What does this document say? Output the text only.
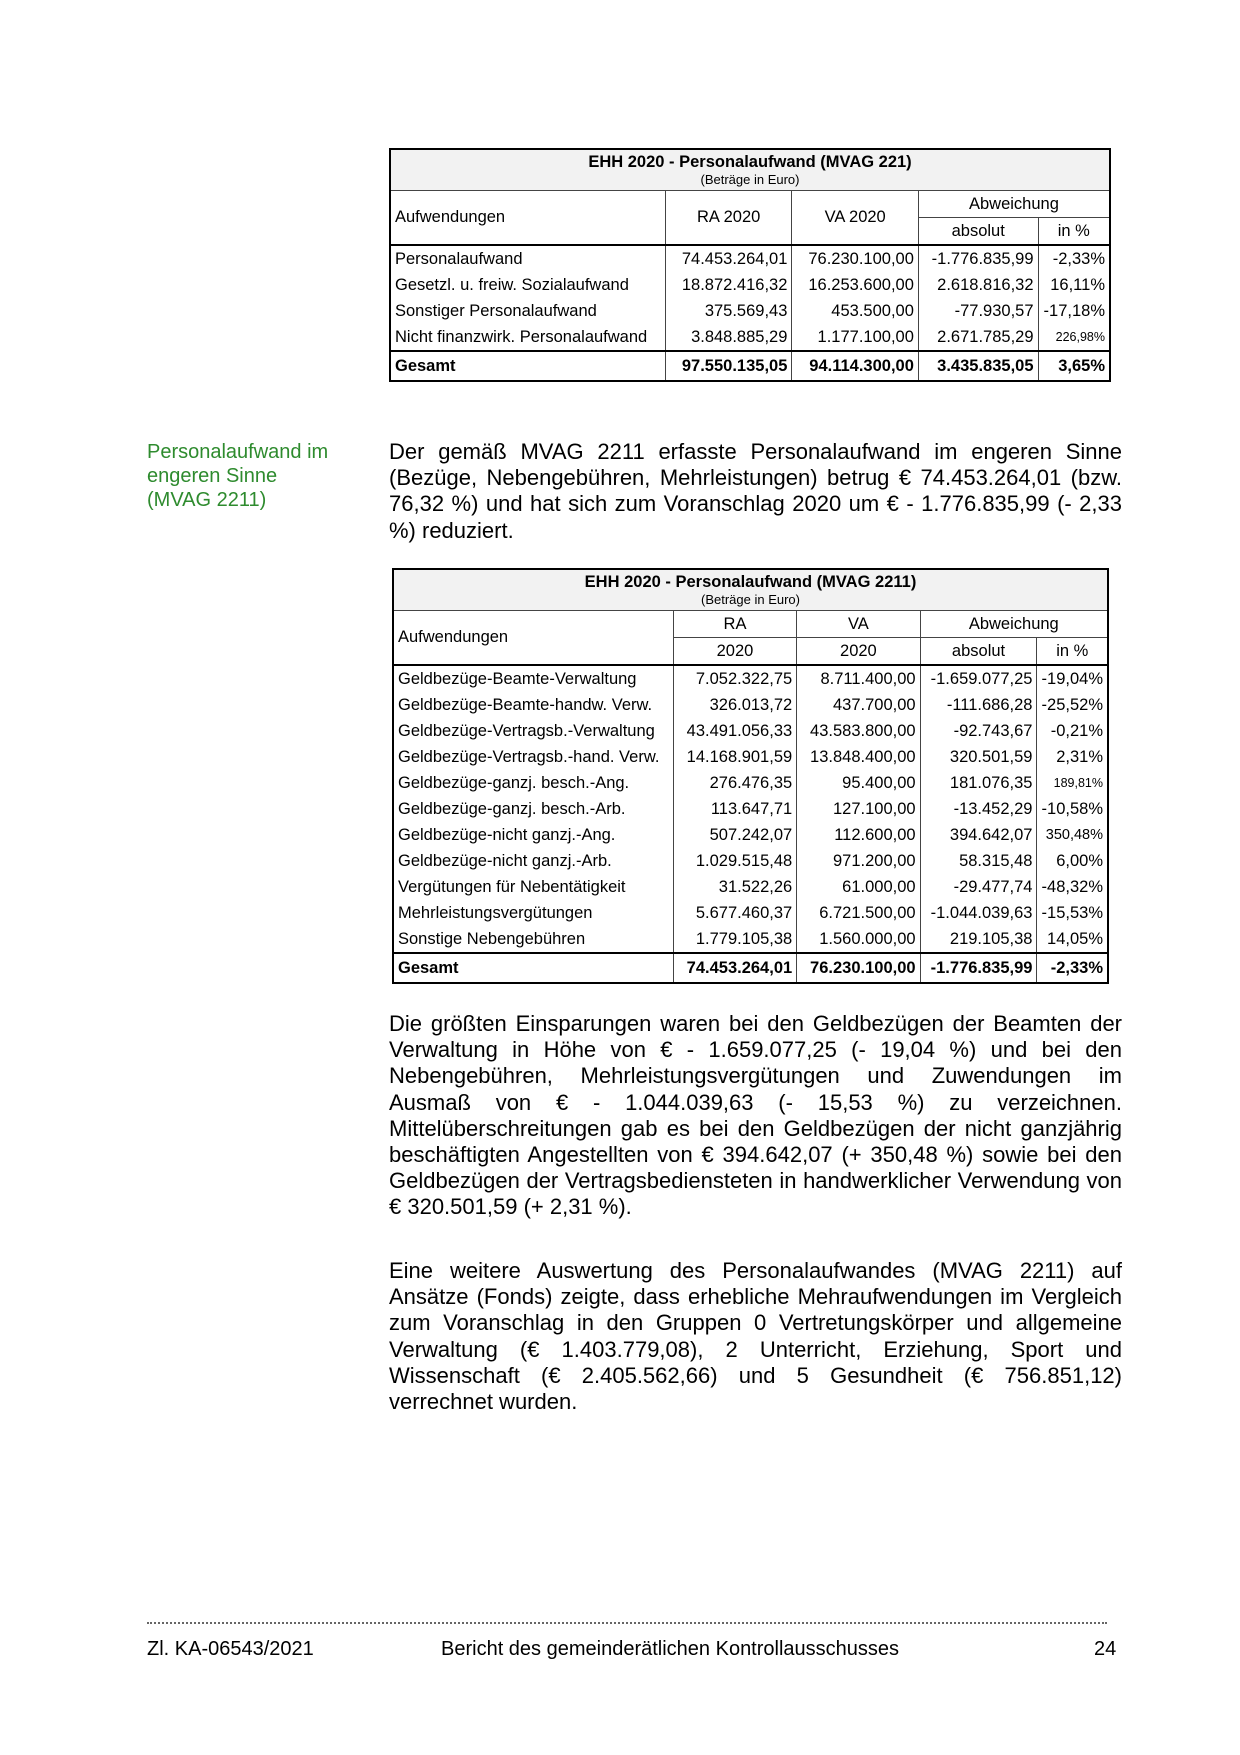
EHH 2020 - Personalaufwand (MVAG 221)
(Beträge in Euro)				

Aufwendungen	RA 2020	VA 2020	Abweichung	
			absolut	in %
Personalaufwand	74.453.264,01	76.230.100,00	-1.776.835,99	-2,33%
Gesetzl. u. freiw. Sozialaufwand	18.872.416,32	16.253.600,00	2.618.816,32	16,11%
Sonstiger Personalaufwand	375.569,43	453.500,00	-77.930,57	-17,18%
Nicht finanzwirk. Personalaufwand	3.848.885,29	1.177.100,00	2.671.785,29	226,98%
Gesamt	97.550.135,05	94.114.300,00	3.435.835,05	3,65%
Personalaufwand im
engeren Sinne
(MVAG 2211)

Der gemäß MVAG 2211 erfasste Personalaufwand im engeren Sinne (Bezüge, Nebengebühren, Mehrleistungen) betrug € 74.453.264,01 (bzw. 76,32 %) und hat sich zum Voranschlag 2020 um € - 1.776.835,99 (- 2,33 %) reduziert.

EHH 2020 - Personalaufwand (MVAG 2211)
(Beträge in Euro)				

Aufwendungen	RA	VA	Abweichung	
	2020	2020	absolut	in %
Geldbezüge-Beamte-Verwaltung	7.052.322,75	8.711.400,00	-1.659.077,25	-19,04%
Geldbezüge-Beamte-handw. Verw.	326.013,72	437.700,00	-111.686,28	-25,52%
Geldbezüge-Vertragsb.-Verwaltung	43.491.056,33	43.583.800,00	-92.743,67	-0,21%
Geldbezüge-Vertragsb.-hand. Verw.	14.168.901,59	13.848.400,00	320.501,59	2,31%
Geldbezüge-ganzj. besch.-Ang.	276.476,35	95.400,00	181.076,35	189,81%
Geldbezüge-ganzj. besch.-Arb.	113.647,71	127.100,00	-13.452,29	-10,58%
Geldbezüge-nicht ganzj.-Ang.	507.242,07	112.600,00	394.642,07	350,48%
Geldbezüge-nicht ganzj.-Arb.	1.029.515,48	971.200,00	58.315,48	6,00%
Vergütungen für Nebentätigkeit	31.522,26	61.000,00	-29.477,74	-48,32%
Mehrleistungsvergütungen	5.677.460,37	6.721.500,00	-1.044.039,63	-15,53%
Sonstige Nebengebühren	1.779.105,38	1.560.000,00	219.105,38	14,05%
Gesamt	74.453.264,01	76.230.100,00	-1.776.835,99	-2,33%

Die größten Einsparungen waren bei den Geldbezügen der Beamten der Verwaltung in Höhe von € - 1.659.077,25 (- 19,04 %) und bei den Nebengebühren, Mehrleistungsvergütungen und Zuwendungen im Ausmaß von € - 1.044.039,63 (- 15,53 %) zu verzeichnen. Mittelüberschreitungen gab es bei den Geldbezügen der nicht ganzjährig beschäftigten Angestellten von € 394.642,07 (+ 350,48 %) sowie bei den Geldbezügen der Vertragsbediensteten in handwerklicher Verwendung von € 320.501,59 (+ 2,31 %).

Eine weitere Auswertung des Personalaufwandes (MVAG 2211) auf Ansätze (Fonds) zeigte, dass erhebliche Mehraufwendungen im Vergleich zum Voranschlag in den Gruppen 0 Vertretungskörper und allgemeine Verwaltung (€ 1.403.779,08), 2 Unterricht, Erziehung, Sport und Wissenschaft (€ 2.405.562,66) und 5 Gesundheit (€ 756.851,12) verrechnet wurden.

Zl. KA-06543/2021	Bericht des gemeinderätlichen Kontrollausschusses	24
